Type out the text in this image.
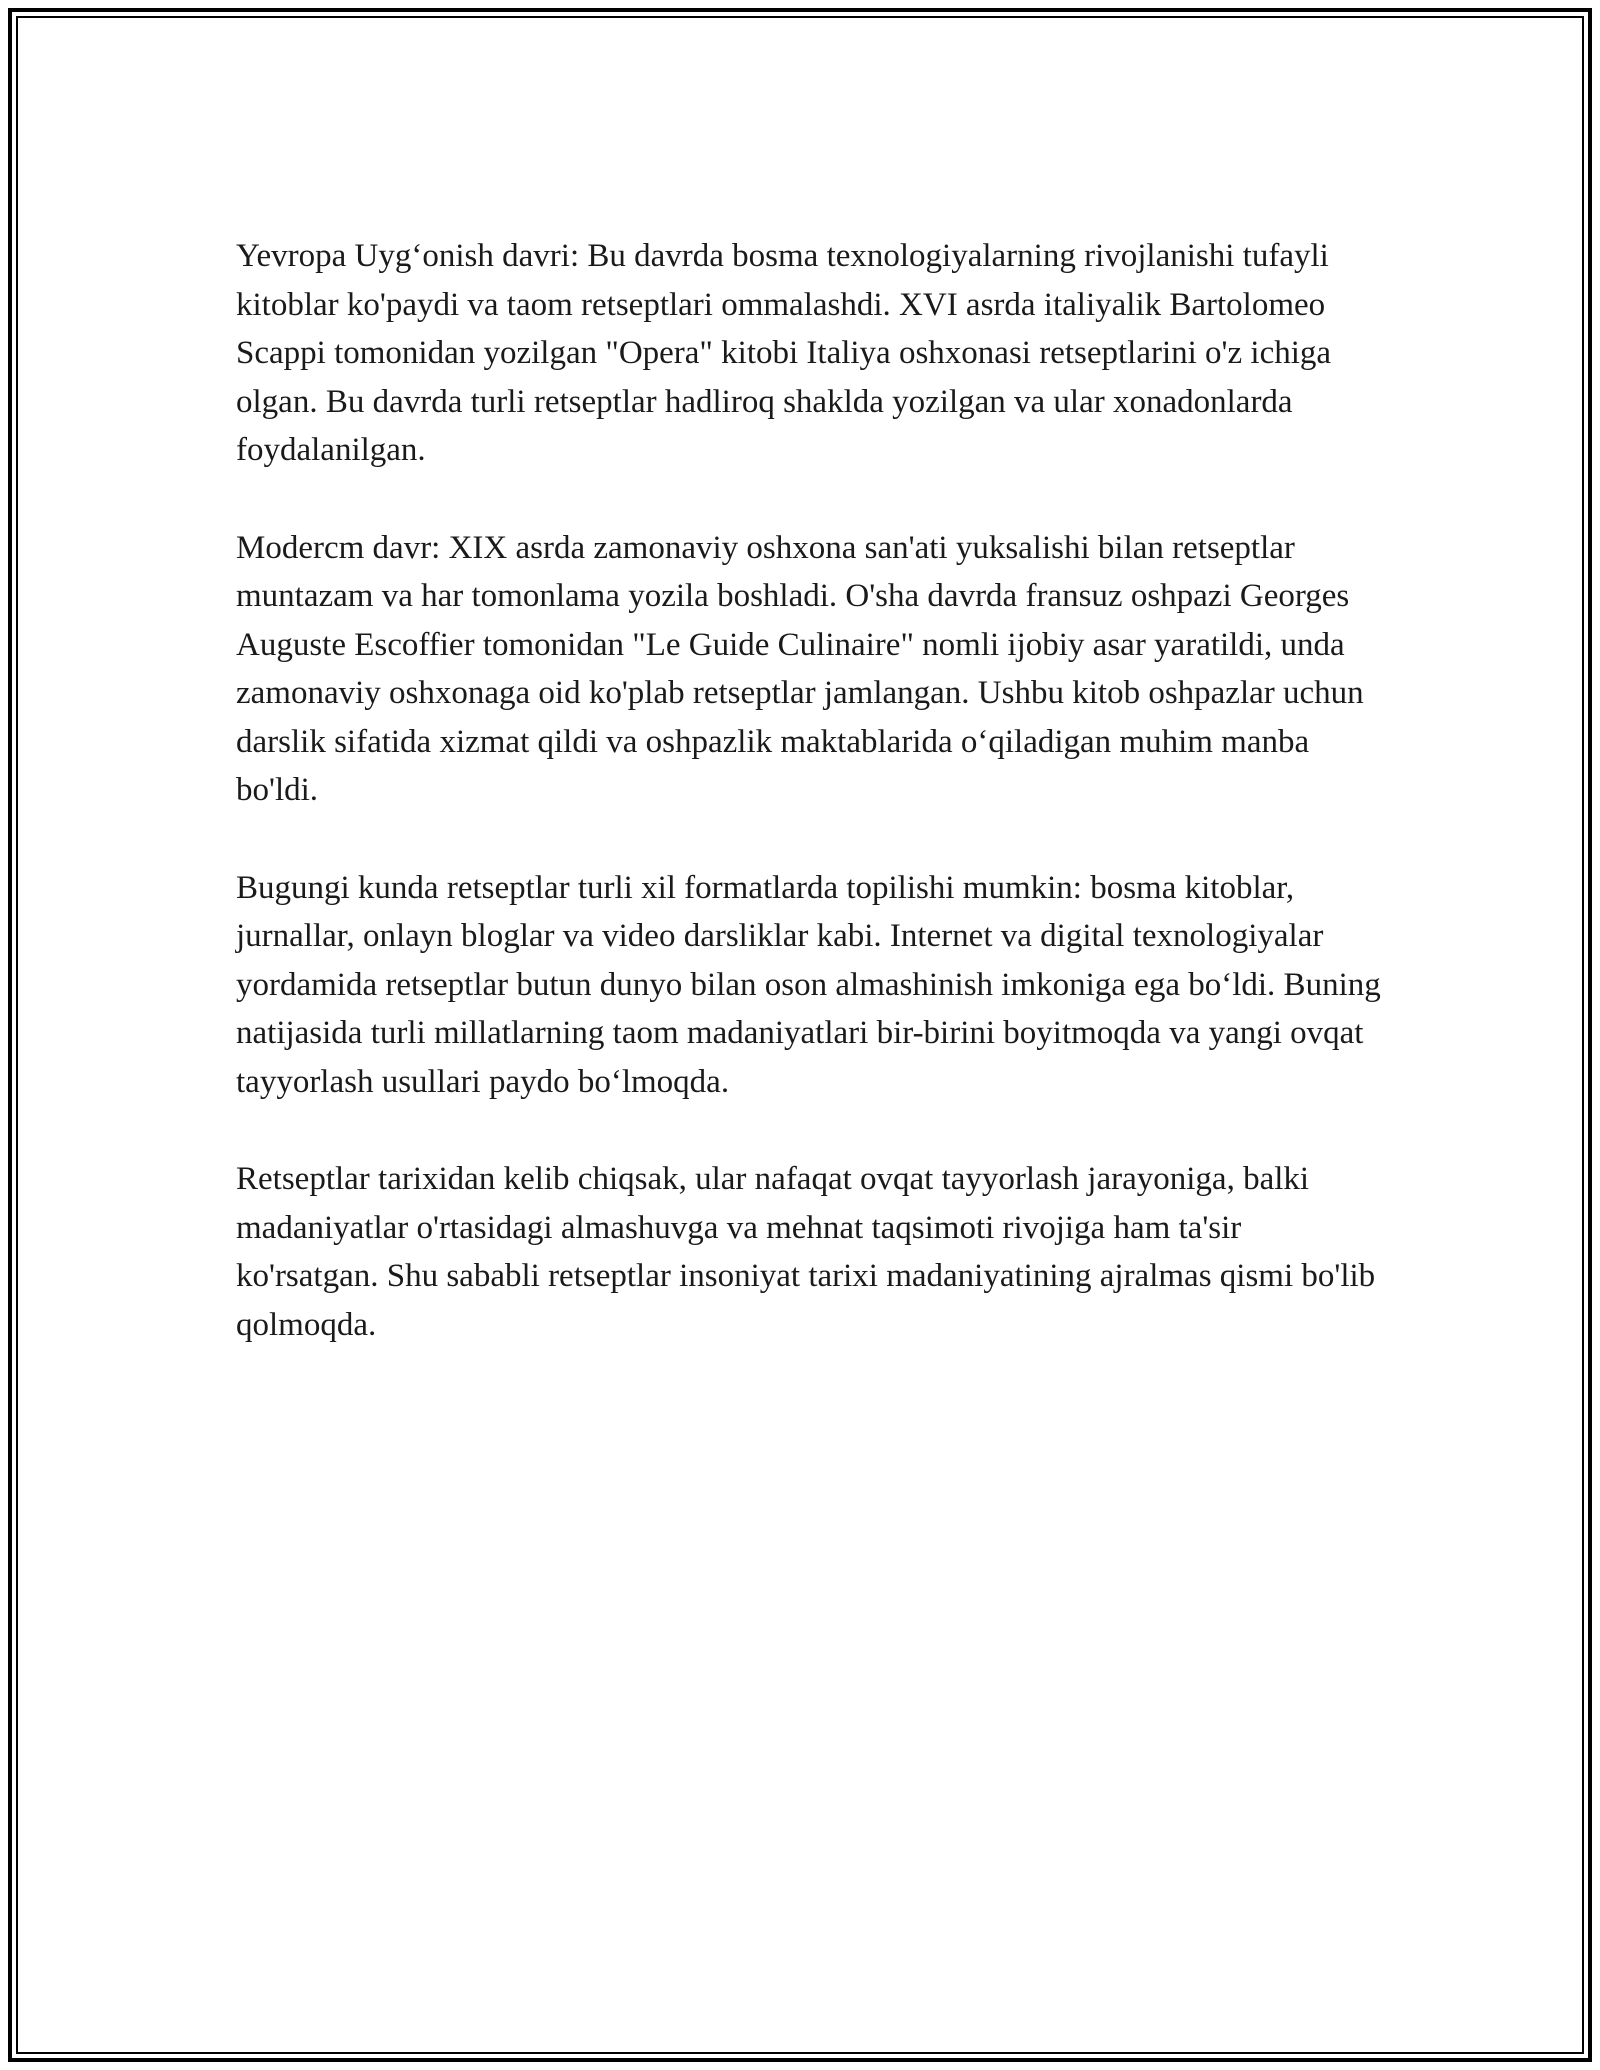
Yevropa Uyg‘onish davri: Bu davrda bosma texnologiyalarning rivojlanishi tufayli kitoblar ko'paydi va taom retseptlari ommalashdi. XVI asrda italiyalik Bartolomeo Scappi tomonidan yozilgan "Opera" kitobi Italiya oshxonasi retseptlarini o'z ichiga olgan. Bu davrda turli retseptlar hadliroq shaklda yozilgan va ular xonadonlarda foydalanilgan.

Modercm davr: XIX asrda zamonaviy oshxona san'ati yuksalishi bilan retseptlar muntazam va har tomonlama yozila boshladi. O'sha davrda fransuz oshpazi Georges Auguste Escoffier tomonidan "Le Guide Culinaire" nomli ijobiy asar yaratildi, unda zamonaviy oshxonaga oid ko'plab retseptlar jamlangan. Ushbu kitob oshpazlar uchun darslik sifatida xizmat qildi va oshpazlik maktablarida o‘qiladigan muhim manba bo'ldi.

Bugungi kunda retseptlar turli xil formatlarda topilishi mumkin: bosma kitoblar, jurnallar, onlayn bloglar va video darsliklar kabi. Internet va digital texnologiyalar yordamida retseptlar butun dunyo bilan oson almashinish imkoniga ega bo‘ldi. Buning natijasida turli millatlarning taom madaniyatlari bir-birini boyitmoqda va yangi ovqat tayyorlash usullari paydo bo‘lmoqda.

Retseptlar tarixidan kelib chiqsak, ular nafaqat ovqat tayyorlash jarayoniga, balki madaniyatlar o'rtasidagi almashuvga va mehnat taqsimoti rivojiga ham ta'sir ko'rsatgan. Shu sababli retseptlar insoniyat tarixi madaniyatining ajralmas qismi bo'lib qolmoqda.
